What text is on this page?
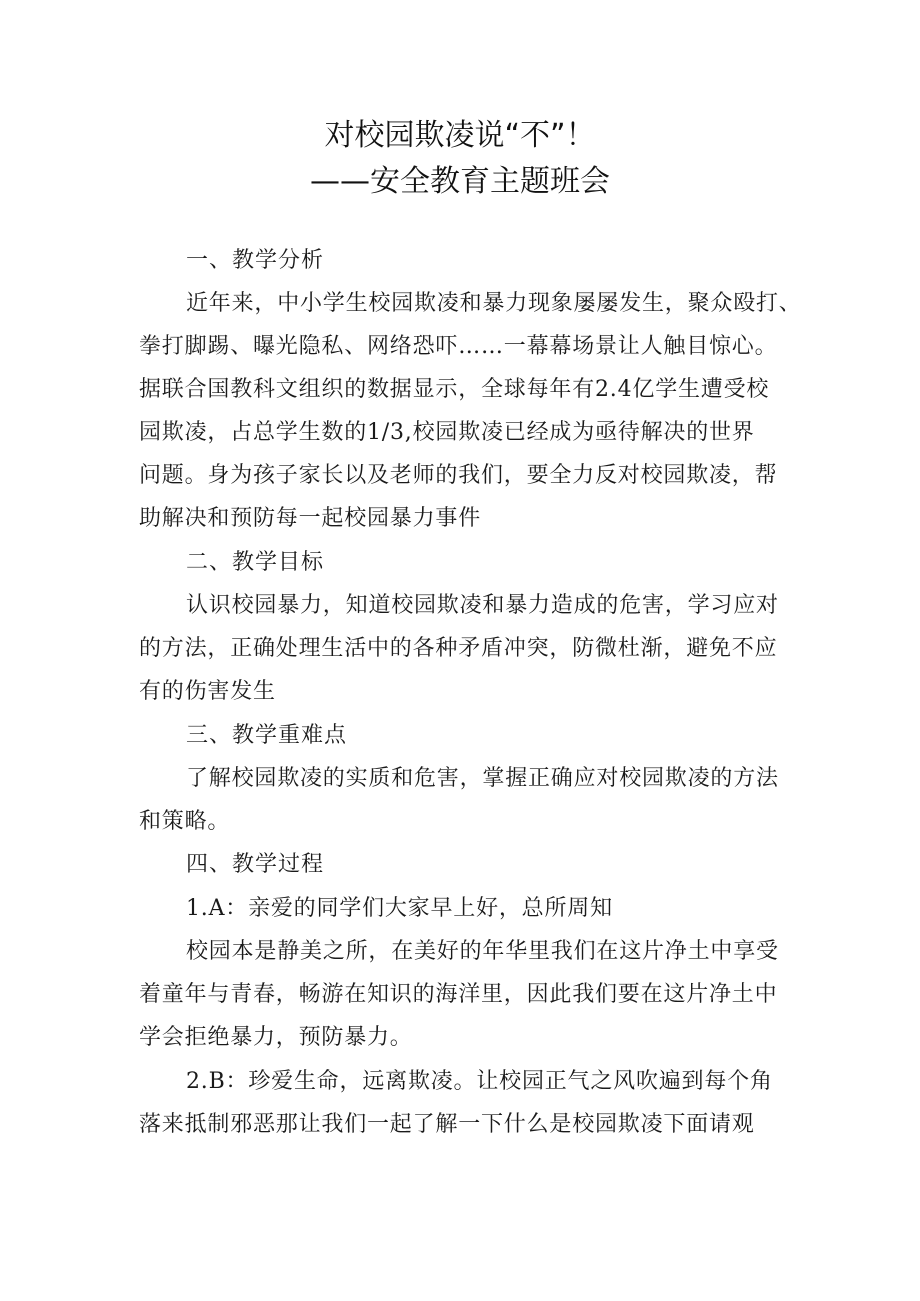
对校园欺凌说“不”！
——安全教育主题班会
一、教学分析
近年来，中小学生校园欺凌和暴力现象屡屡发生，聚众殴打、
拳打脚踢、曝光隐私、网络恐吓……一幕幕场景让人触目惊心。
据联合国教科文组织的数据显示，全球每年有2.4亿学生遭受校
园欺凌，占总学生数的1/3,校园欺凌已经成为亟待解决的世界
问题。身为孩子家长以及老师的我们，要全力反对校园欺凌，帮
助解决和预防每一起校园暴力事件
二、教学目标
认识校园暴力，知道校园欺凌和暴力造成的危害，学习应对
的方法，正确处理生活中的各种矛盾冲突，防微杜渐，避免不应
有的伤害发生
三、教学重难点
了解校园欺凌的实质和危害，掌握正确应对校园欺凌的方法
和策略。
四、教学过程
1.A：亲爱的同学们大家早上好，总所周知
校园本是静美之所，在美好的年华里我们在这片净土中享受
着童年与青春，畅游在知识的海洋里，因此我们要在这片净土中
学会拒绝暴力，预防暴力。
2.B：珍爱生命，远离欺凌。让校园正气之风吹遍到每个角
落来抵制邪恶那让我们一起了解一下什么是校园欺凌下面请观
